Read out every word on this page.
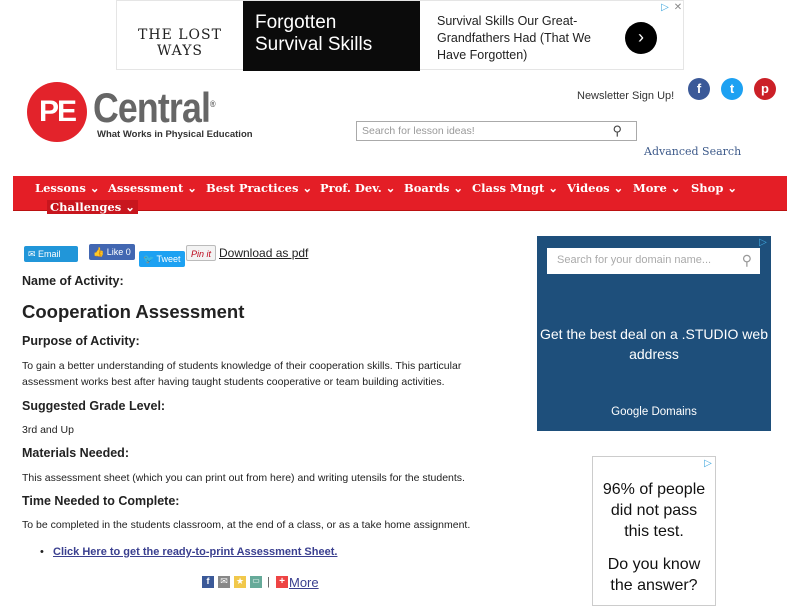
THE LOST WAYS
Forgotten Survival Skills
Survival Skills Our Great-Grandfathers Had (That We Have Forgotten)
›
▷ ✕
PE Central®
What Works in Physical Education
Newsletter Sign Up!	f	t	p
Search for lesson ideas!	⚲
Advanced Search
Lessons ⌄ Assessment ⌄ Best Practices ⌄ Prof. Dev. ⌄ Boards ⌄ Class Mngt ⌄ Videos ⌄ More ⌄ Shop ⌄
Challenges ⌄
✉ Email	👍 Like 0
🐦 Tweet	Pin it Download as pdf
Name of Activity:
Cooperation Assessment
Purpose of Activity:

To gain a better understanding of students knowledge of their cooperation skills. This particular assessment works best after having taught students cooperative or team building activities.

Suggested Grade Level:

3rd and Up

Materials Needed:

This assessment sheet (which you can print out from here) and writing utensils for the students.

Time Needed to Complete:

To be completed in the students classroom, at the end of a class, or as a take home assignment.

• Click Here to get the ready-to-print Assessment Sheet.
f	✉ ★ ▭ | + More
Search for your domain name... ⚲
Get the best deal on a .STUDIO web address
Google Domains
▷
96% of people did not pass this test.
Do you know the answer?
▷
